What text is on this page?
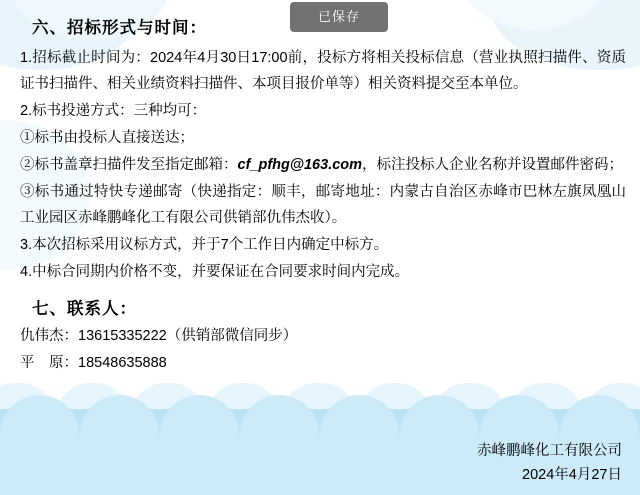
已保存
六、招标形式与时间：

1.招标截止时间为：2024年4月30日17:00前，投标方将相关投标信息（营业执照扫描件、资质证书扫描件、相关业绩资料扫描件、本项目报价单等）相关资料提交至本单位。

2.标书投递方式：三种均可：

①标书由投标人直接送达；

②标书盖章扫描件发至指定邮箱：cf_pfhg@163.com，标注投标人企业名称并设置邮件密码；

③标书通过特快专递邮寄（快递指定：顺丰，邮寄地址：内蒙古自治区赤峰市巴林左旗凤凰山工业园区赤峰鹏峰化工有限公司供销部仇伟杰收）。

3.本次招标采用议标方式，并于7个工作日内确定中标方。

4.中标合同期内价格不变，并要保证在合同要求时间内完成。

七、联系人：

仇伟杰：13615335222（供销部微信同步）

平　原：18548635888

赤峰鹏峰化工有限公司
2024年4月27日
